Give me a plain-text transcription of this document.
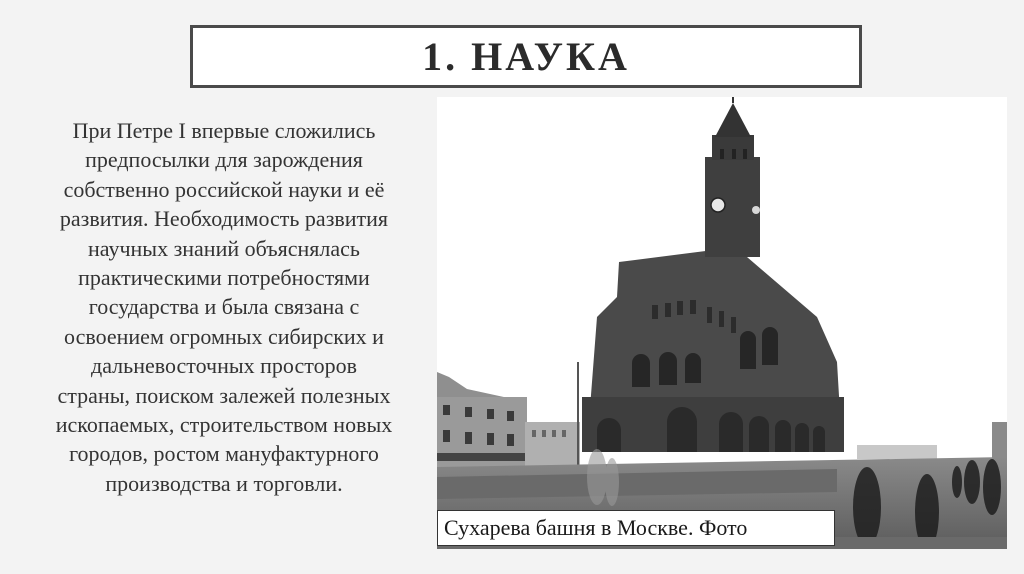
1. НАУКА
При Петре I впервые сложились
предпосылки для зарождения
собственно российской науки и её
развития. Необходимость развития
научных знаний объяснялась
практическими потребностями
государства и была связана с
освоением огромных сибирских и
дальневосточных просторов
страны, поиском залежей полезных
ископаемых, строительством новых
городов, ростом мануфактурного
производства и торговли.
Сухарева башня в Москве. Фото
